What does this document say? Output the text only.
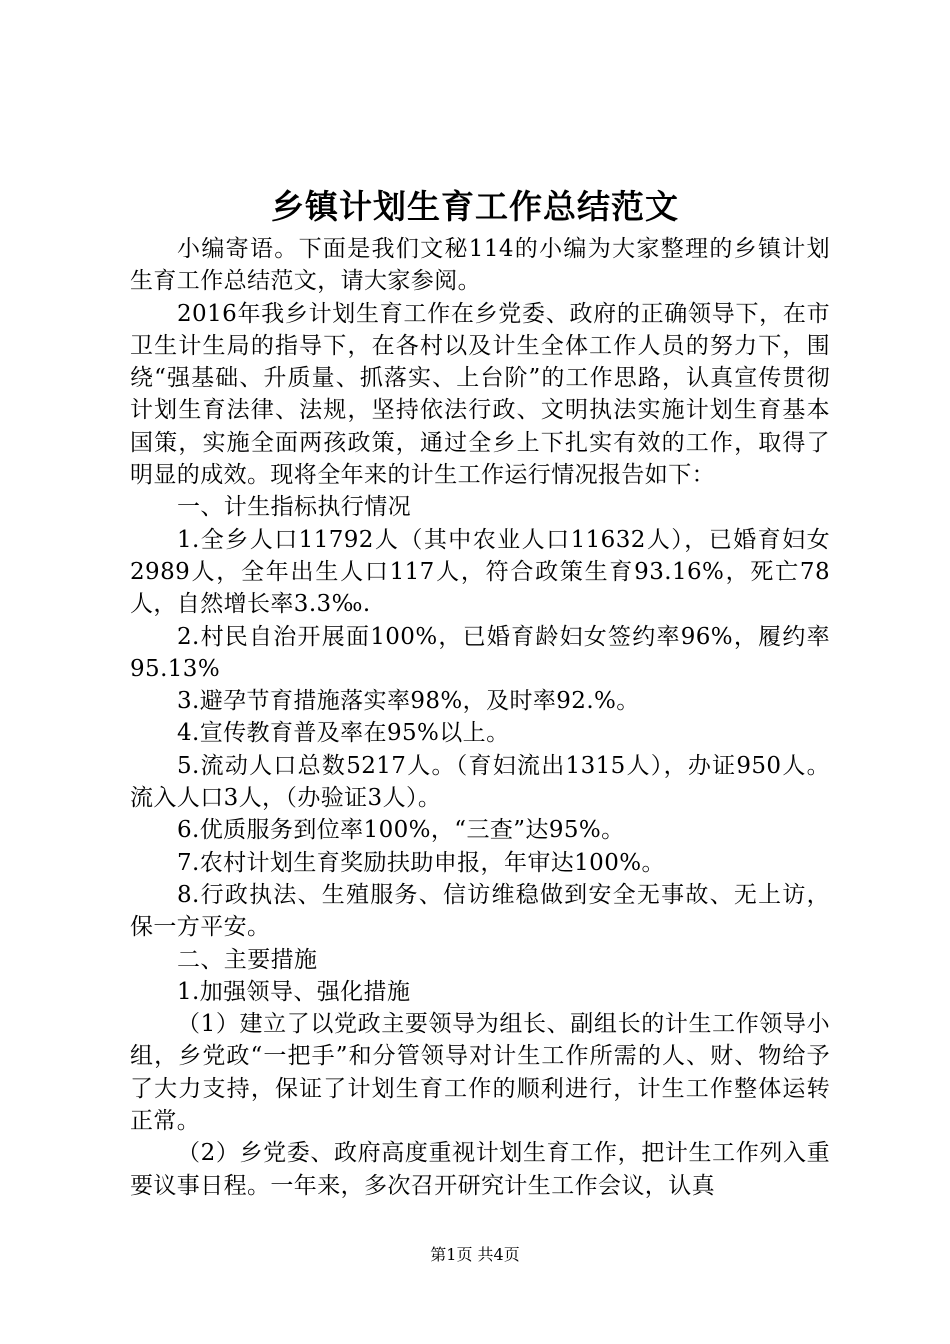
乡镇计划生育工作总结范文

小编寄语。下面是我们文秘114的小编为大家整理的乡镇计划生育工作总结范文，请大家参阅。

2016年我乡计划生育工作在乡党委、政府的正确领导下，在市卫生计生局的指导下，在各村以及计生全体工作人员的努力下，围绕“强基础、升质量、抓落实、上台阶”的工作思路，认真宣传贯彻计划生育法律、法规，坚持依法行政、文明执法实施计划生育基本国策，实施全面两孩政策，通过全乡上下扎实有效的工作，取得了明显的成效。现将全年来的计生工作运行情况报告如下：

一、计生指标执行情况

1.全乡人口11792人（其中农业人口11632人），已婚育妇女2989人，全年出生人口117人，符合政策生育93.16%，死亡78人，自然增长率3.3‰.

2.村民自治开展面100%，已婚育龄妇女签约率96%，履约率95.13%

3.避孕节育措施落实率98%，及时率92.%。

4.宣传教育普及率在95%以上。

5.流动人口总数5217人。（育妇流出1315人），办证950人。流入人口3人，（办验证3人）。

6.优质服务到位率100%，“三查”达95%。

7.农村计划生育奖励扶助申报，年审达100%。

8.行政执法、生殖服务、信访维稳做到安全无事故、无上访，保一方平安。

二、主要措施

1.加强领导、强化措施

（1）建立了以党政主要领导为组长、副组长的计生工作领导小组，乡党政“一把手”和分管领导对计生工作所需的人、财、物给予了大力支持，保证了计划生育工作的顺利进行，计生工作整体运转正常。

（2）乡党委、政府高度重视计划生育工作，把计生工作列入重要议事日程。一年来，多次召开研究计生工作会议，认真

第1页 共4页
